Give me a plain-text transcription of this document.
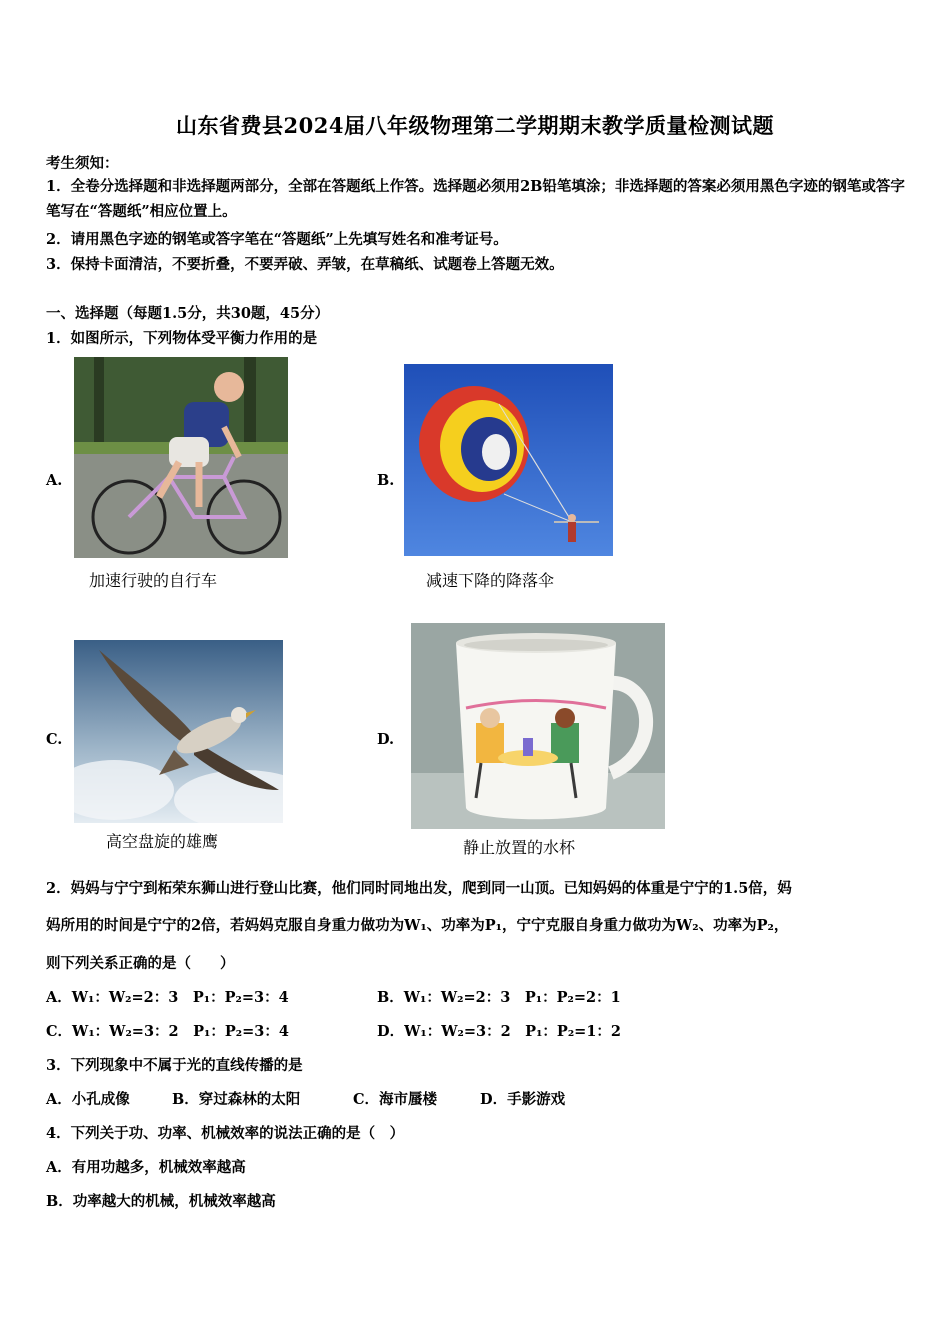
山东省费县2024届八年级物理第二学期期末教学质量检测试题
考生须知：
1．全卷分选择题和非选择题两部分，全部在答题纸上作答。选择题必须用2B铅笔填涂；非选择题的答案必须用黑色字迹的钢笔或答字笔写在“答题纸”相应位置上。
2．请用黑色字迹的钢笔或答字笔在“答题纸”上先填写姓名和准考证号。
3．保持卡面清洁，不要折叠，不要弄破、弄皱，在草稿纸、试题卷上答题无效。
一、选择题（每题1.5分，共30题，45分）
1．如图所示，下列物体受平衡力作用的是
A.
加速行驶的自行车
B.
减速下降的降落伞
C.
高空盘旋的雄鹰
D.
静止放置的水杯
2．妈妈与宁宁到柘荣东狮山进行登山比赛，他们同时同地出发，爬到同一山顶。已知妈妈的体重是宁宁的1.5倍，妈
妈所用的时间是宁宁的2倍，若妈妈克服自身重力做功为W₁、功率为P₁，宁宁克服自身重力做功为W₂、功率为P₂，
则下列关系正确的是（　　）
A．W₁：W₂=2：3　P₁：P₂=3：4	B．W₁：W₂=2：3　P₁：P₂=2：1
C．W₁：W₂=3：2　P₁：P₂=3：4	D．W₁：W₂=3：2　P₁：P₂=1：2
3．下列现象中不属于光的直线传播的是
A．小孔成像	B．穿过森林的太阳	C．海市蜃楼	D．手影游戏
4．下列关于功、功率、机械效率的说法正确的是（　）
A．有用功越多，机械效率越高
B．功率越大的机械，机械效率越高
